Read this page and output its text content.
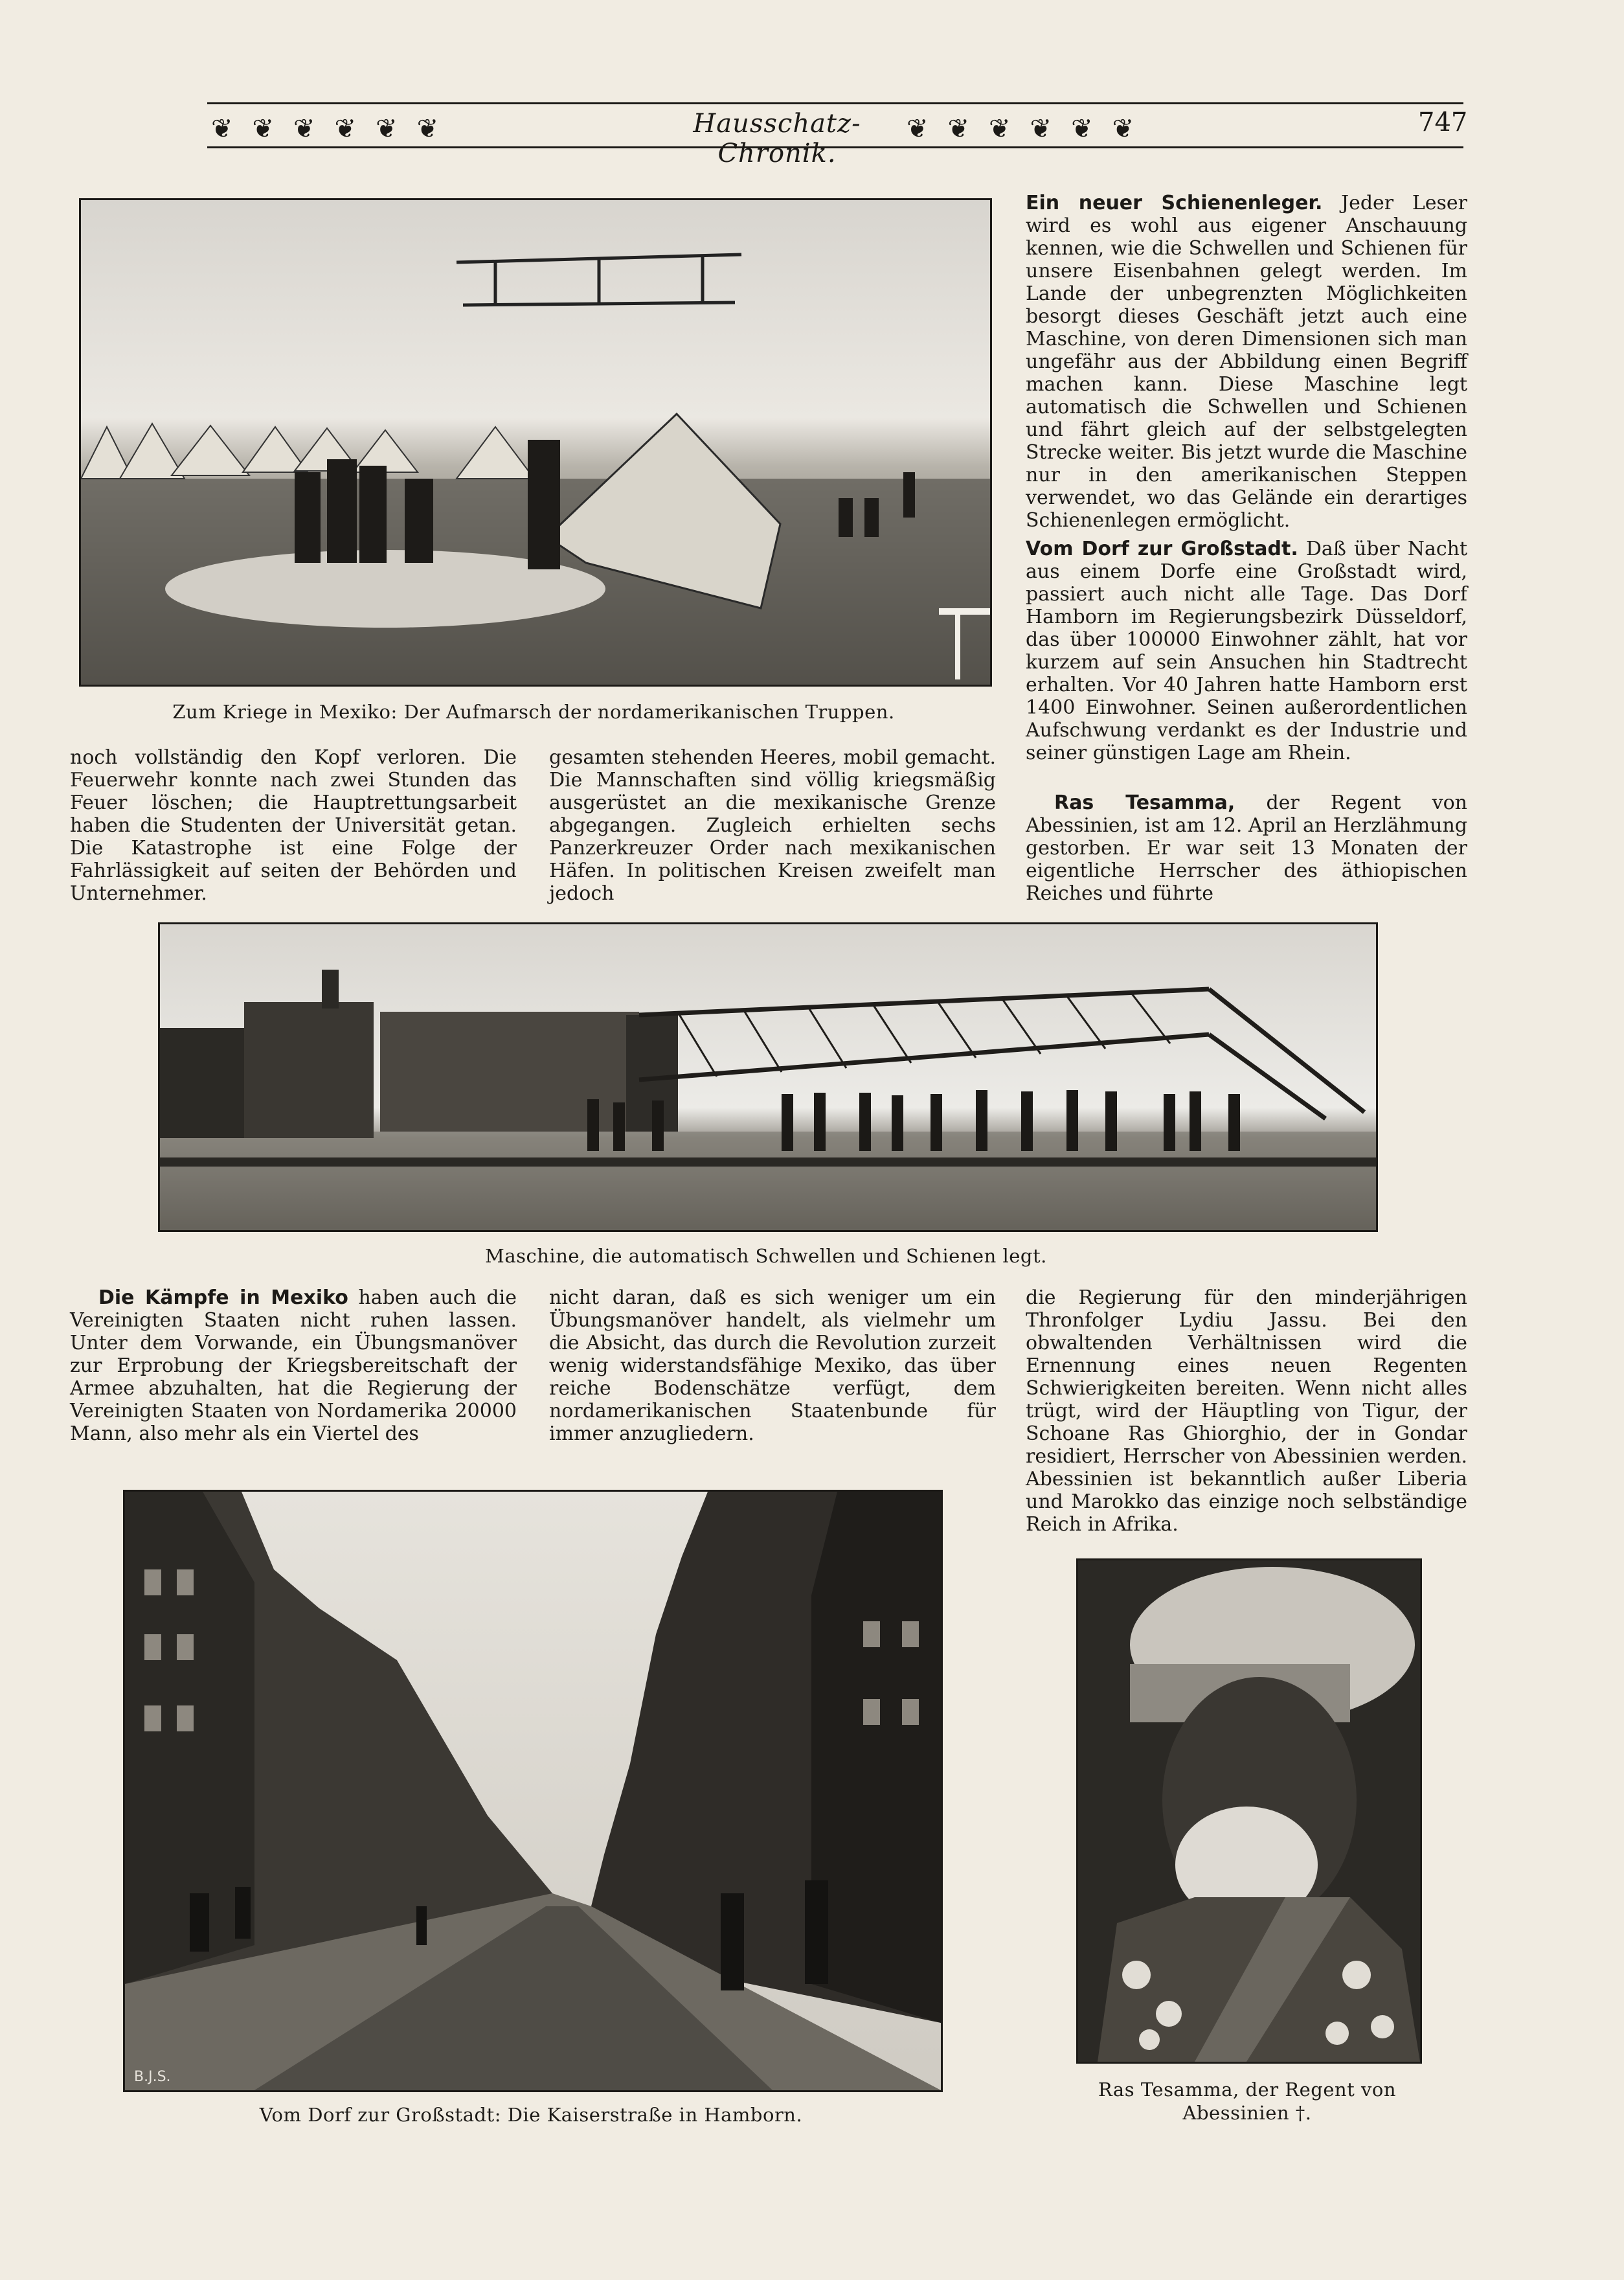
❦❦❦❦❦❦	Hausschatz-Chronik.
❦❦❦❦❦❦	747
Zum Kriege in Mexiko: Der Aufmarsch der nordamerikanischen Truppen.

Ein neuer Schienenleger. Jeder Leser wird es wohl aus eigener Anschauung kennen, wie die Schwellen und Schienen für unsere Eisenbahnen gelegt werden. Im Lande der unbegrenzten Möglichkeiten besorgt dieses Geschäft jetzt auch eine Maschine, von deren Dimensionen sich man ungefähr aus der Abbildung einen Begriff machen kann. Diese Maschine legt automatisch die Schwellen und Schienen und fährt gleich auf der selbstgelegten Strecke weiter. Bis jetzt wurde die Maschine nur in den amerikanischen Steppen verwendet, wo das Gelände ein derartiges Schienenlegen ermöglicht.

Vom Dorf zur Großstadt. Daß über Nacht aus einem Dorfe eine Großstadt wird, passiert auch nicht alle Tage. Das Dorf Hamborn im Regierungsbezirk Düsseldorf, das über 100000 Einwohner zählt, hat vor kurzem auf sein Ansuchen hin Stadtrecht erhalten. Vor 40 Jahren hatte Hamborn erst 1400 Einwohner. Seinen außerordentlichen Aufschwung verdankt es der Industrie und seiner günstigen Lage am Rhein.

Ras Tesamma, der Regent von Abessinien, ist am 12. April an Herzlähmung gestorben. Er war seit 13 Monaten der eigentliche Herrscher des äthiopischen Reiches und führte

noch vollständig den Kopf verloren. Die Feuerwehr konnte nach zwei Stunden das Feuer löschen; die Hauptrettungsarbeit haben die Studenten der Universität getan. Die Katastrophe ist eine Folge der Fahrlässigkeit auf seiten der Behörden und Unternehmer.
gesamten stehenden Heeres, mobil gemacht. Die Mannschaften sind völlig kriegsmäßig ausgerüstet an die mexikanische Grenze abgegangen. Zugleich erhielten sechs Panzerkreuzer Order nach mexikanischen Häfen. In politischen Kreisen zweifelt man jedoch
Maschine, die automatisch Schwellen und Schienen legt.

Die Kämpfe in Mexiko haben auch die Vereinigten Staaten nicht ruhen lassen. Unter dem Vorwande, ein Übungsmanöver zur Erprobung der Kriegsbereitschaft der Armee abzuhalten, hat die Regierung der Vereinigten Staaten von Nordamerika 20000 Mann, also mehr als ein Viertel des

nicht daran, daß es sich weniger um ein Übungsmanöver handelt, als vielmehr um die Absicht, das durch die Revolution zurzeit wenig widerstandsfähige Mexiko, das über reiche Bodenschätze verfügt, dem nordamerikanischen Staatenbunde für immer anzugliedern.
die Regierung für den minderjährigen Thronfolger Lydiu Jassu. Bei den obwaltenden Verhältnissen wird die Ernennung eines neuen Regenten Schwierigkeiten bereiten. Wenn nicht alles trügt, wird der Häuptling von Tigur, der Schoane Ras Ghiorghio, der in Gondar residiert, Herrscher von Abessinien werden. Abessinien ist bekanntlich außer Liberia und Marokko das einzige noch selbständige Reich in Afrika.
B.J.S.
Vom Dorf zur Großstadt: Die Kaiserstraße in Hamborn.
Ras Tesamma, der Regent von
Abessinien †.
